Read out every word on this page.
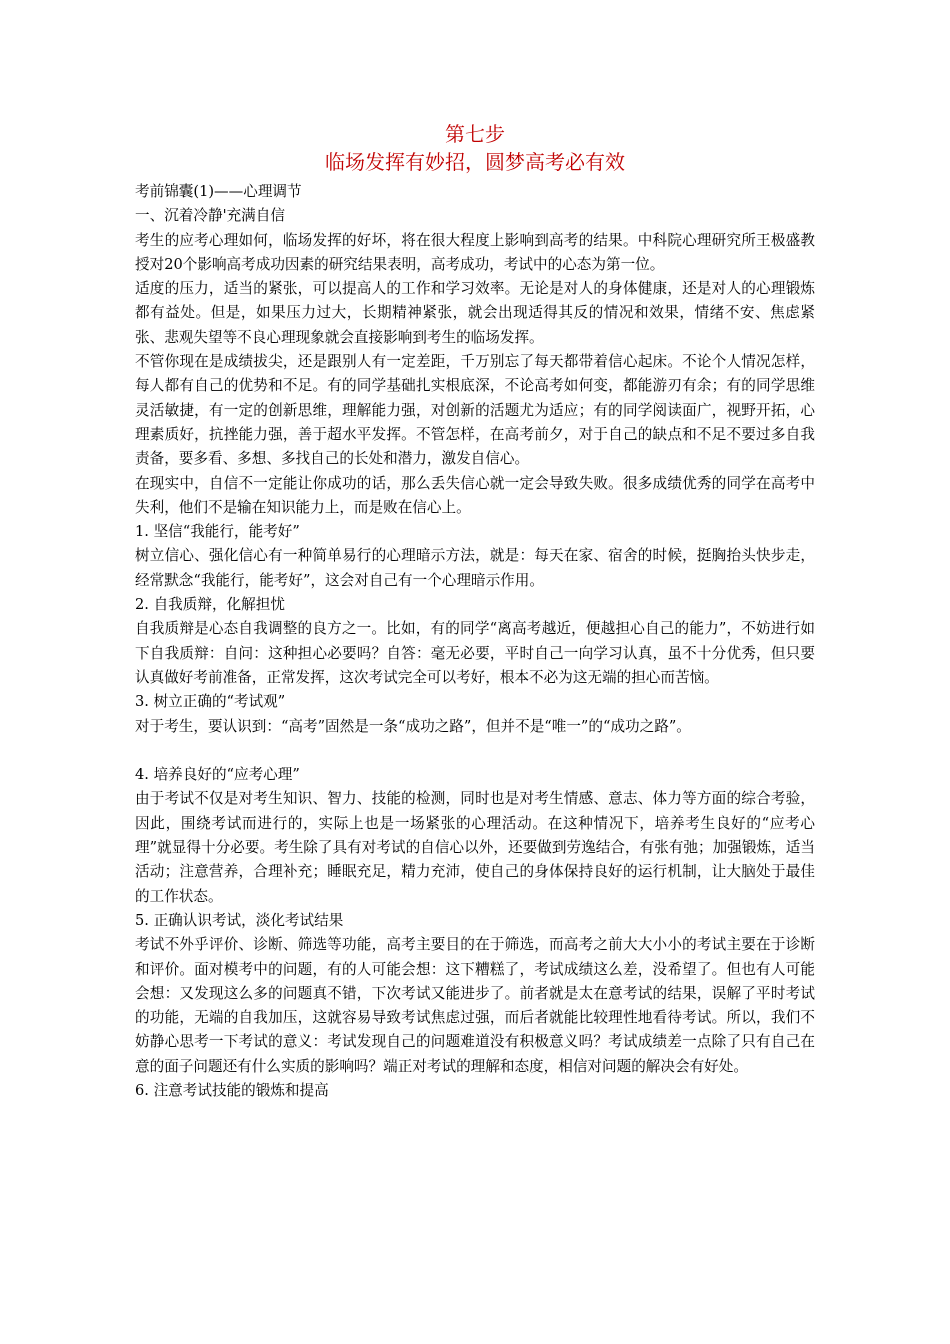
第七步
临场发挥有妙招，圆梦高考必有效

考前锦囊(1)——心理调节

一、沉着冷静'充满自信

考生的应考心理如何，临场发挥的好坏，将在很大程度上影响到高考的结果。中科院心理研究所王极盛教授对20个影响高考成功因素的研究结果表明，高考成功，考试中的心态为第一位。

适度的压力，适当的紧张，可以提高人的工作和学习效率。无论是对人的身体健康，还是对人的心理锻炼都有益处。但是，如果压力过大，长期精神紧张，就会出现适得其反的情况和效果，情绪不安、焦虑紧张、悲观失望等不良心理现象就会直接影响到考生的临场发挥。

不管你现在是成绩拔尖，还是跟别人有一定差距，千万别忘了每天都带着信心起床。不论个人情况怎样，每人都有自己的优势和不足。有的同学基础扎实根底深，不论高考如何变，都能游刃有余；有的同学思维灵活敏捷，有一定的创新思维，理解能力强，对创新的活题尤为适应；有的同学阅读面广，视野开拓，心理素质好，抗挫能力强，善于超水平发挥。不管怎样，在高考前夕，对于自己的缺点和不足不要过多自我责备，要多看、多想、多找自己的长处和潜力，激发自信心。

在现实中，自信不一定能让你成功的话，那么丢失信心就一定会导致失败。很多成绩优秀的同学在高考中失利，他们不是输在知识能力上，而是败在信心上。

1. 坚信“我能行，能考好”

树立信心、强化信心有一种简单易行的心理暗示方法，就是：每天在家、宿舍的时候，挺胸抬头快步走，经常默念“我能行，能考好”，这会对自己有一个心理暗示作用。

2. 自我质辩，化解担忧

自我质辩是心态自我调整的良方之一。比如，有的同学“离高考越近，便越担心自己的能力”，不妨进行如下自我质辩：自问：这种担心必要吗？自答：毫无必要，平时自己一向学习认真，虽不十分优秀，但只要认真做好考前准备，正常发挥，这次考试完全可以考好，根本不必为这无端的担心而苦恼。

3. 树立正确的“考试观”

对于考生，要认识到：“高考”固然是一条“成功之路”，但并不是“唯一”的“成功之路”。

4. 培养良好的“应考心理”

由于考试不仅是对考生知识、智力、技能的检测，同时也是对考生情感、意志、体力等方面的综合考验，因此，围绕考试而进行的，实际上也是一场紧张的心理活动。在这种情况下，培养考生良好的“应考心理”就显得十分必要。考生除了具有对考试的自信心以外，还要做到劳逸结合，有张有弛；加强锻炼，适当活动；注意营养，合理补充；睡眠充足，精力充沛，使自己的身体保持良好的运行机制，让大脑处于最佳的工作状态。

5. 正确认识考试，淡化考试结果

考试不外乎评价、诊断、筛选等功能，高考主要目的在于筛选，而高考之前大大小小的考试主要在于诊断和评价。面对模考中的问题，有的人可能会想：这下糟糕了，考试成绩这么差，没希望了。但也有人可能会想：又发现这么多的问题真不错，下次考试又能进步了。前者就是太在意考试的结果，误解了平时考试的功能，无端的自我加压，这就容易导致考试焦虑过强，而后者就能比较理性地看待考试。所以，我们不妨静心思考一下考试的意义：考试发现自己的问题难道没有积极意义吗？考试成绩差一点除了只有自己在意的面子问题还有什么实质的影响吗？端正对考试的理解和态度，相信对问题的解决会有好处。

6. 注意考试技能的锻炼和提高
